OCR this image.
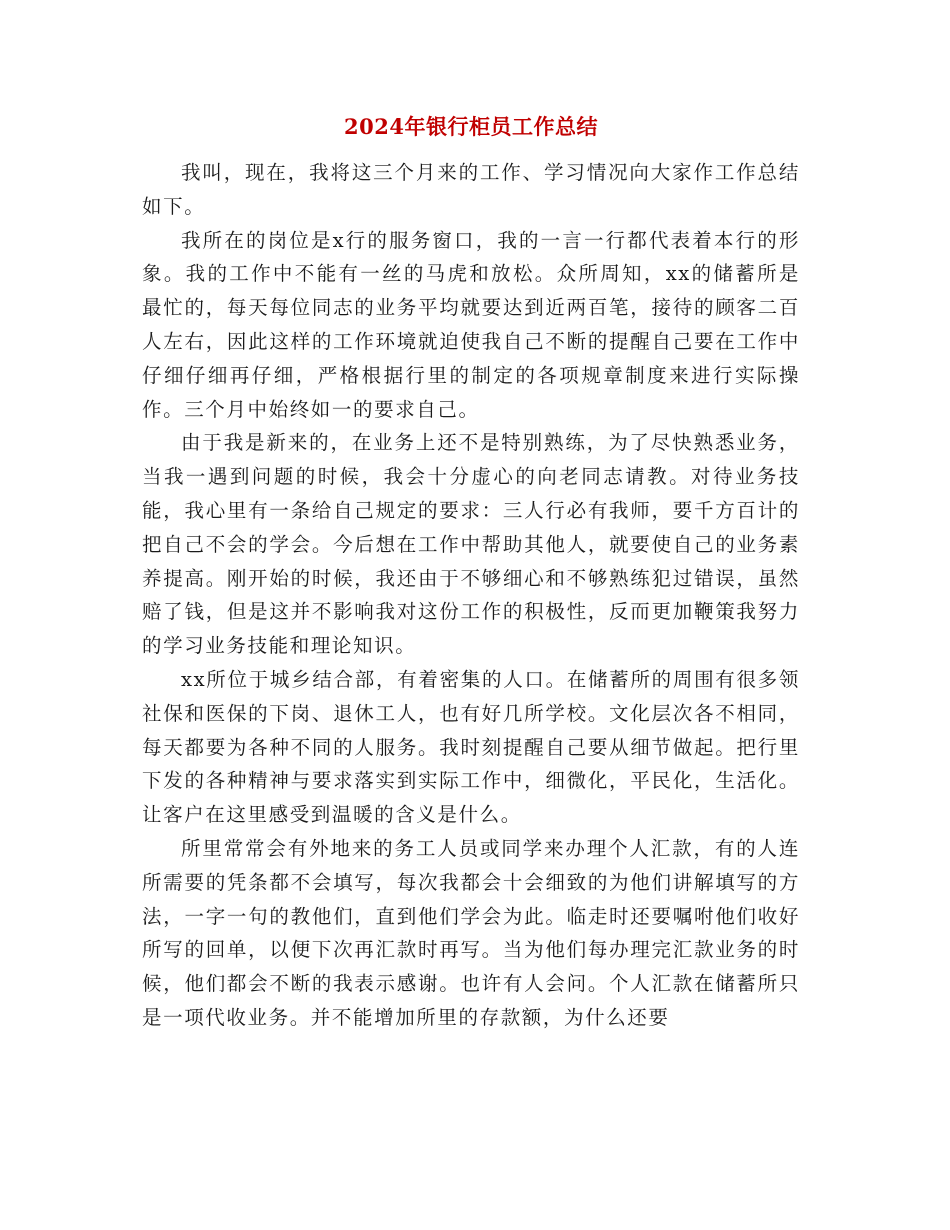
2024年银行柜员工作总结

我叫，现在，我将这三个月来的工作、学习情况向大家作工作总结如下。

我所在的岗位是x行的服务窗口，我的一言一行都代表着本行的形象。我的工作中不能有一丝的马虎和放松。众所周知，xx的储蓄所是最忙的，每天每位同志的业务平均就要达到近两百笔，接待的顾客二百人左右，因此这样的工作环境就迫使我自己不断的提醒自己要在工作中仔细仔细再仔细，严格根据行里的制定的各项规章制度来进行实际操作。三个月中始终如一的要求自己。

由于我是新来的，在业务上还不是特别熟练，为了尽快熟悉业务，当我一遇到问题的时候，我会十分虚心的向老同志请教。对待业务技能，我心里有一条给自己规定的要求：三人行必有我师，要千方百计的把自己不会的学会。今后想在工作中帮助其他人，就要使自己的业务素养提高。刚开始的时候，我还由于不够细心和不够熟练犯过错误，虽然赔了钱，但是这并不影响我对这份工作的积极性，反而更加鞭策我努力的学习业务技能和理论知识。

xx所位于城乡结合部，有着密集的人口。在储蓄所的周围有很多领社保和医保的下岗、退休工人，也有好几所学校。文化层次各不相同，每天都要为各种不同的人服务。我时刻提醒自己要从细节做起。把行里下发的各种精神与要求落实到实际工作中，细微化，平民化，生活化。让客户在这里感受到温暖的含义是什么。

所里常常会有外地来的务工人员或同学来办理个人汇款，有的人连所需要的凭条都不会填写，每次我都会十会细致的为他们讲解填写的方法，一字一句的教他们，直到他们学会为此。临走时还要嘱咐他们收好所写的回单，以便下次再汇款时再写。当为他们每办理完汇款业务的时候，他们都会不断的我表示感谢。也许有人会问。个人汇款在储蓄所只是一项代收业务。并不能增加所里的存款额，为什么还要
